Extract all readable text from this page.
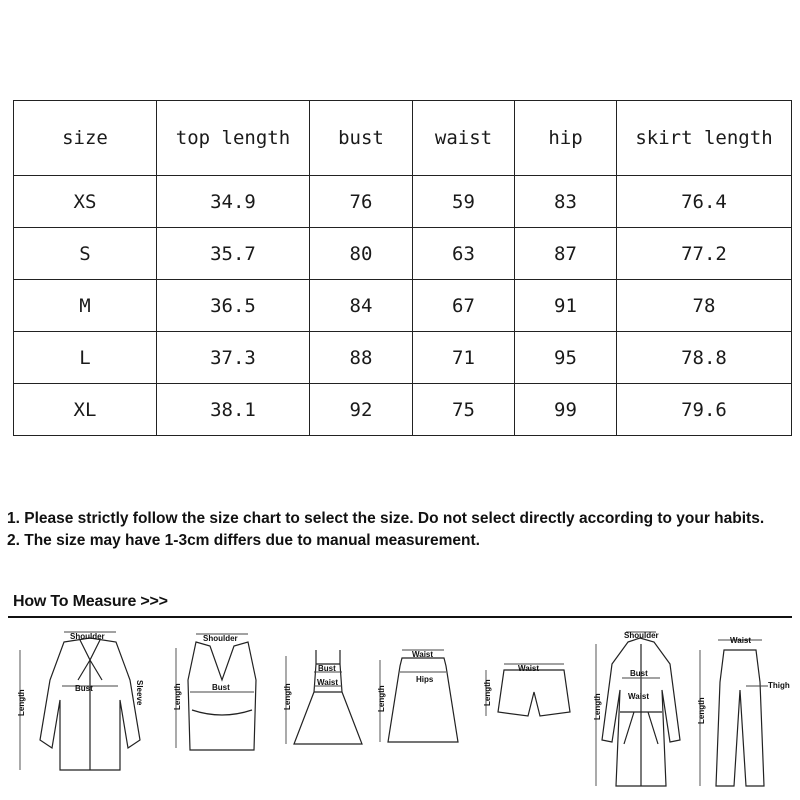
size	top length	bust	waist	hip	skirt length
XS	34.9	76	59	83	76.4
S	35.7	80	63	87	77.2
M	36.5	84	67	91	78
L	37.3	88	71	95	78.8
XL	38.1	92	75	99	79.6

1. Please strictly follow the size chart to select the size. Do not select directly according to your habits.

2. The size may have 1-3cm differs due to manual measurement.

How To Measure >>>
Shoulder
Bust
Length	Sleeve
Shoulder
Bust
Length
Bust
Waist
Length
Waist
Hips
Length
Waist
Length
Shoulder
Bust
Waist
Length
Waist
Thigh
Length
